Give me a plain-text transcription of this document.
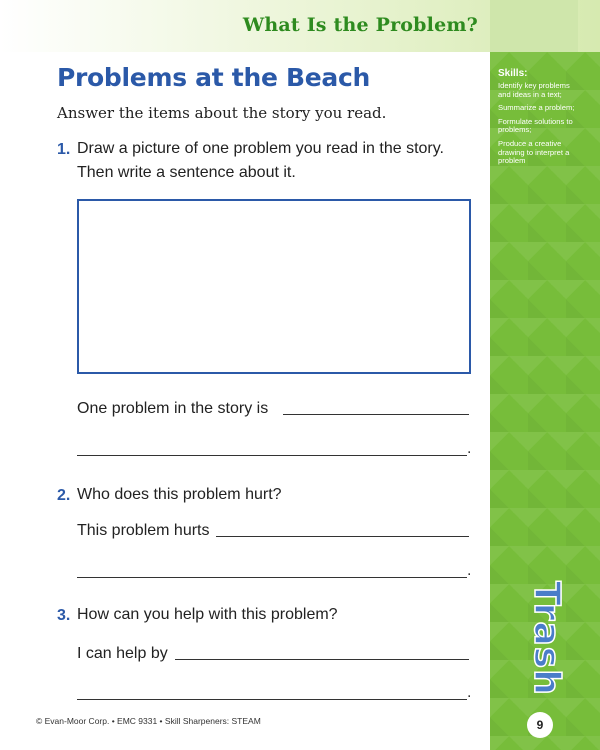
What Is the Problem?
Skills:
Identify key problems and ideas in a text;
Summarize a problem;
Formulate solutions to problems;
Produce a creative drawing to interpret a problem
Trash
9
Problems at the Beach
Answer the items about the story you read.
1. Draw a picture of one problem you read in the story.
Then write a sentence about it.
One problem in the story is
.
2. Who does this problem hurt?
This problem hurts
.
3. How can you help with this problem?
I can help by
.
© Evan-Moor Corp. • EMC 9331 • Skill Sharpeners: STEAM
